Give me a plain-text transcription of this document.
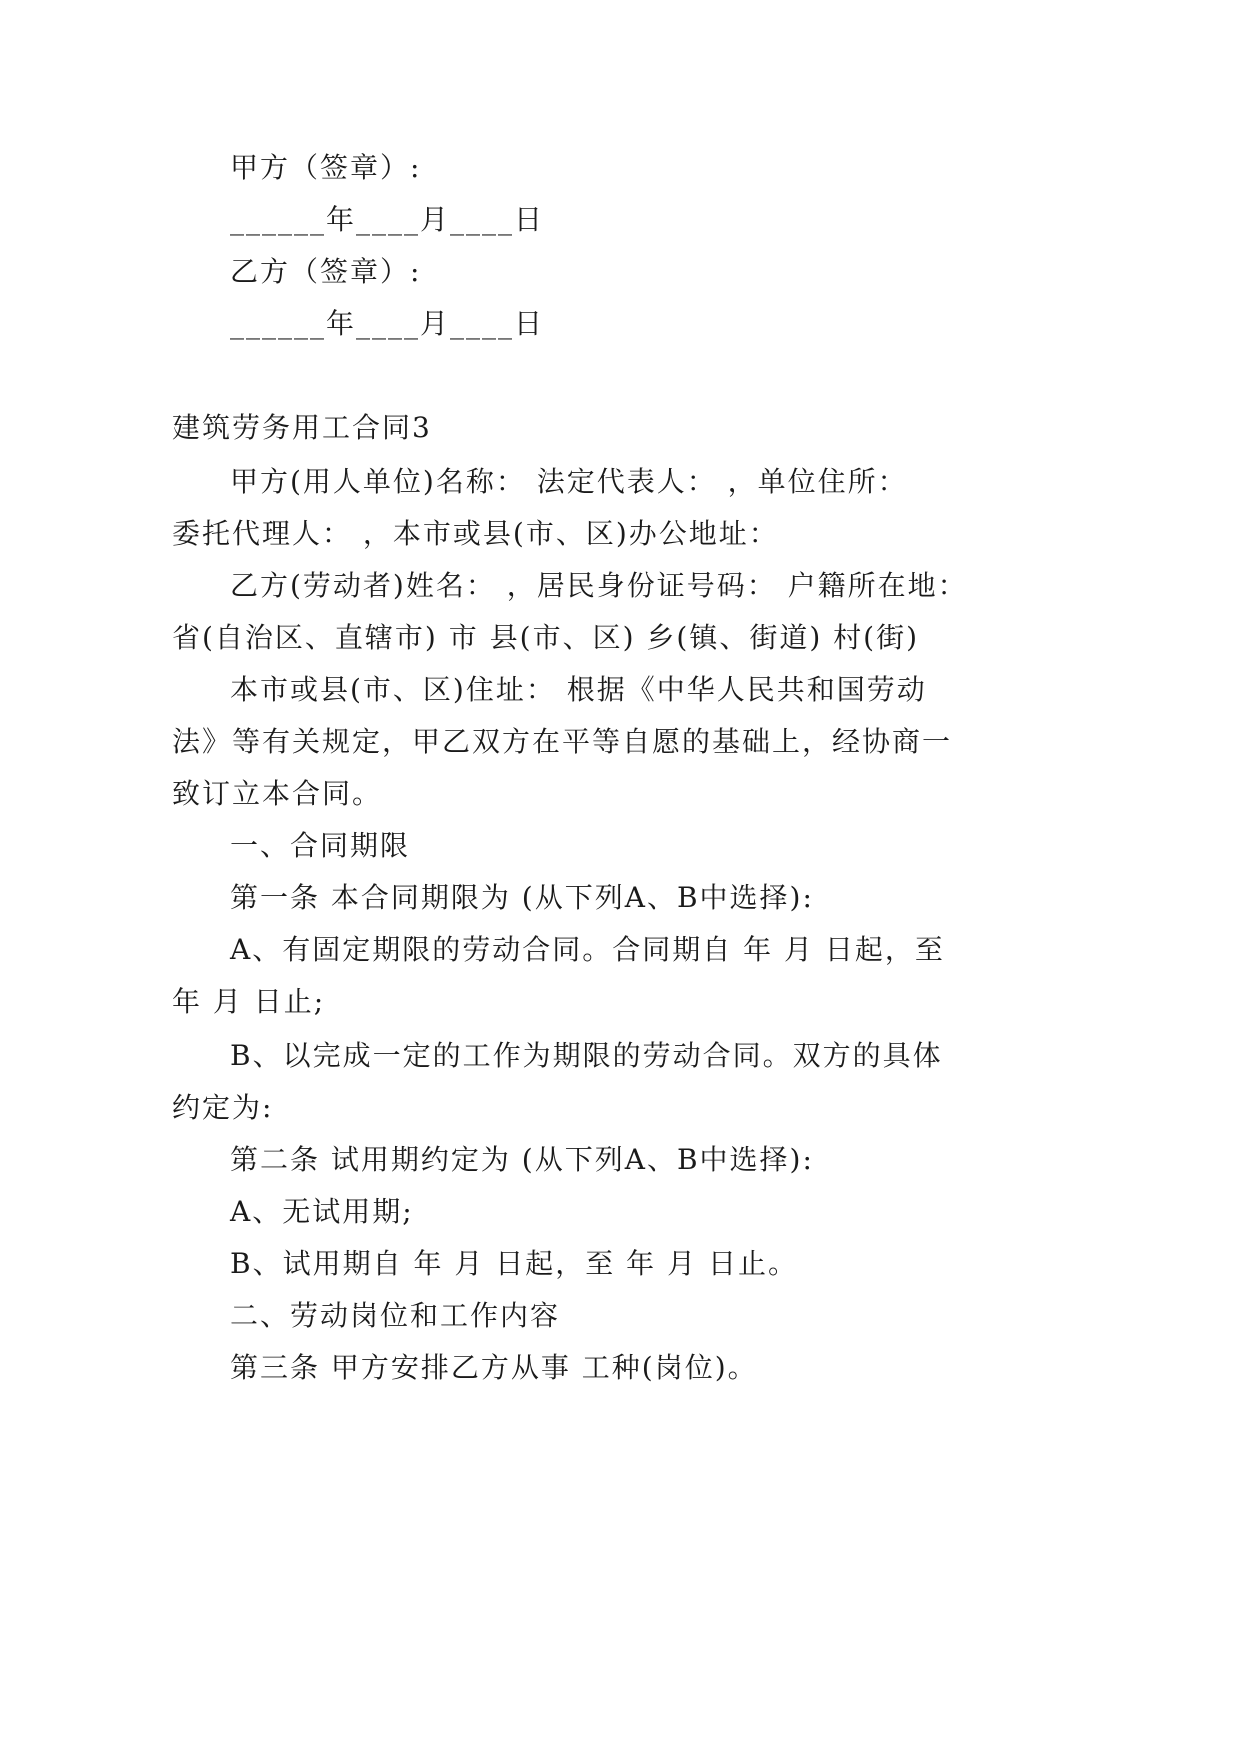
甲方（签章）:
______年____月____日
乙方（签章）:
______年____月____日
建筑劳务用工合同3
甲方(用人单位)名称： 法定代表人： ，单位住所：
委托代理人： ，本市或县(市、区)办公地址：
乙方(劳动者)姓名： ，居民身份证号码： 户籍所在地：
省(自治区、直辖市) 市 县(市、区) 乡(镇、街道) 村(街)
本市或县(市、区)住址： 根据《中华人民共和国劳动
法》等有关规定，甲乙双方在平等自愿的基础上，经协商一
致订立本合同。
一、合同期限
第一条 本合同期限为 (从下列A、B中选择):
A、有固定期限的劳动合同。合同期自 年 月 日起，至
年 月 日止;
B、以完成一定的工作为期限的劳动合同。双方的具体
约定为:
第二条 试用期约定为 (从下列A、B中选择):
A、无试用期;
B、试用期自 年 月 日起，至 年 月 日止。
二、劳动岗位和工作内容
第三条 甲方安排乙方从事 工种(岗位)。
